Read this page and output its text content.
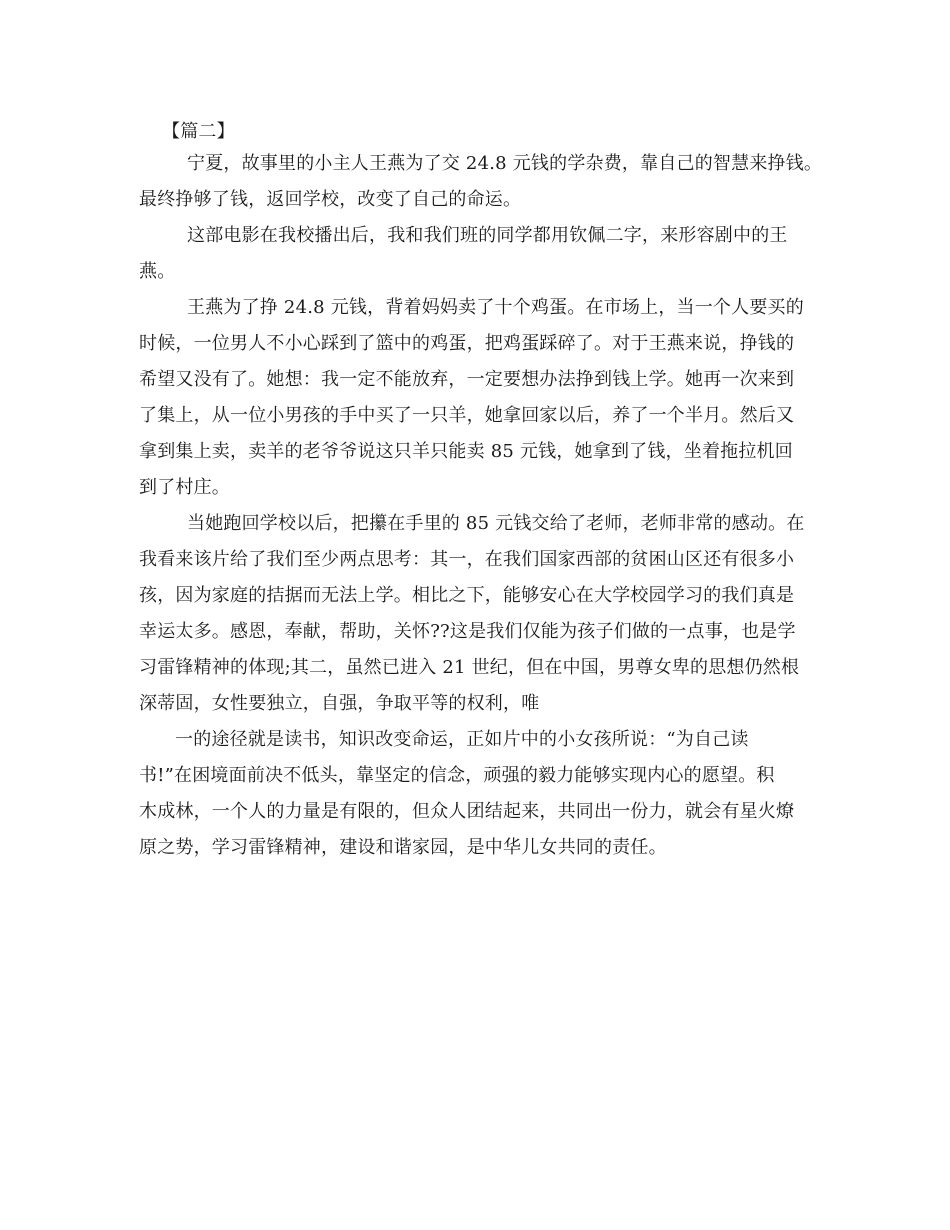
【篇二】
宁夏，故事里的小主人王燕为了交 24.8 元钱的学杂费，靠自己的智慧来挣钱。
最终挣够了钱，返回学校，改变了自己的命运。
这部电影在我校播出后，我和我们班的同学都用钦佩二字，来形容剧中的王
燕。
王燕为了挣 24.8 元钱，背着妈妈卖了十个鸡蛋。在市场上，当一个人要买的
时候，一位男人不小心踩到了篮中的鸡蛋，把鸡蛋踩碎了。对于王燕来说，挣钱的
希望又没有了。她想：我一定不能放弃，一定要想办法挣到钱上学。她再一次来到
了集上，从一位小男孩的手中买了一只羊，她拿回家以后，养了一个半月。然后又
拿到集上卖，卖羊的老爷爷说这只羊只能卖 85 元钱，她拿到了钱，坐着拖拉机回
到了村庄。
当她跑回学校以后，把攥在手里的 85 元钱交给了老师，老师非常的感动。在
我看来该片给了我们至少两点思考：其一，在我们国家西部的贫困山区还有很多小
孩，因为家庭的拮据而无法上学。相比之下，能够安心在大学校园学习的我们真是
幸运太多。感恩，奉献，帮助，关怀??这是我们仅能为孩子们做的一点事，也是学
习雷锋精神的体现;其二，虽然已进入 21 世纪，但在中国，男尊女卑的思想仍然根
深蒂固，女性要独立，自强，争取平等的权利，唯
一的途径就是读书，知识改变命运，正如片中的小女孩所说：“为自己读
书!”在困境面前决不低头，靠坚定的信念，顽强的毅力能够实现内心的愿望。积
木成林，一个人的力量是有限的，但众人团结起来，共同出一份力，就会有星火燎
原之势，学习雷锋精神，建设和谐家园，是中华儿女共同的责任。
